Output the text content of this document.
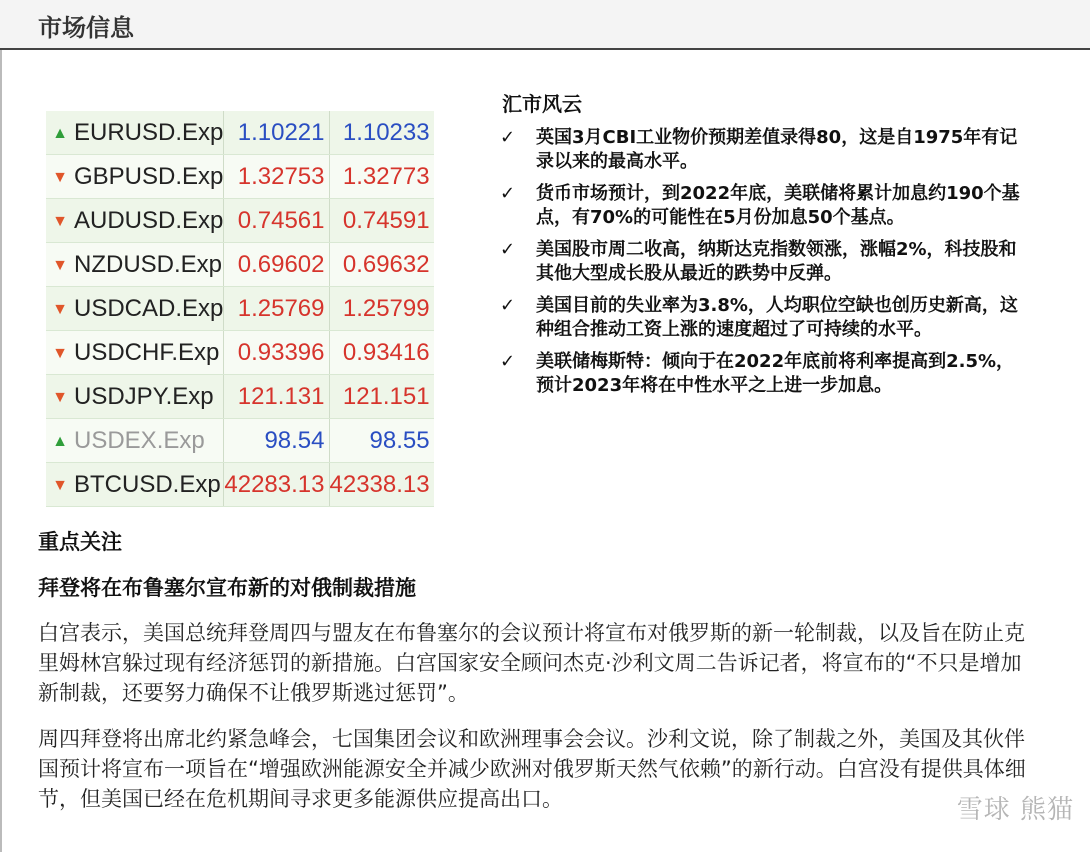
市场信息
▲ EURUSD.Exp	1.10221	1.10233
▼ GBPUSD.Exp	1.32753	1.32773
▼ AUDUSD.Exp	0.74561	0.74591
▼ NZDUSD.Exp	0.69602	0.69632
▼ USDCAD.Exp	1.25769	1.25799
▼ USDCHF.Exp	0.93396	0.93416
▼ USDJPY.Exp	121.131	121.151
▲ USDEX.Exp	98.54	98.55
▼ BTCUSD.Exp	42283.13	42338.13
汇市风云
✓ 英国3月CBI工业物价预期差值录得80，这是自1975年有记录以来的最高水平。
✓ 货币市场预计，到2022年底，美联储将累计加息约190个基点，有70%的可能性在5月份加息50个基点。
✓ 美国股市周二收高，纳斯达克指数领涨，涨幅2%，科技股和其他大型成长股从最近的跌势中反弹。
✓ 美国目前的失业率为3.8%，人均职位空缺也创历史新高，这种组合推动工资上涨的速度超过了可持续的水平。
✓ 美联储梅斯特：倾向于在2022年底前将利率提高到2.5%，预计2023年将在中性水平之上进一步加息。
重点关注
拜登将在布鲁塞尔宣布新的对俄制裁措施

白宫表示，美国总统拜登周四与盟友在布鲁塞尔的会议预计将宣布对俄罗斯的新一轮制裁，以及旨在防止克里姆林宫躲过现有经济惩罚的新措施。白宫国家安全顾问杰克·沙利文周二告诉记者，将宣布的“不只是增加新制裁，还要努力确保不让俄罗斯逃过惩罚”。

周四拜登将出席北约紧急峰会，七国集团会议和欧洲理事会会议。沙利文说，除了制裁之外，美国及其伙伴国预计将宣布一项旨在“增强欧洲能源安全并减少欧洲对俄罗斯天然气依赖”的新行动。白宫没有提供具体细节，但美国已经在危机期间寻求更多能源供应提高出口。	雪球 熊猫
